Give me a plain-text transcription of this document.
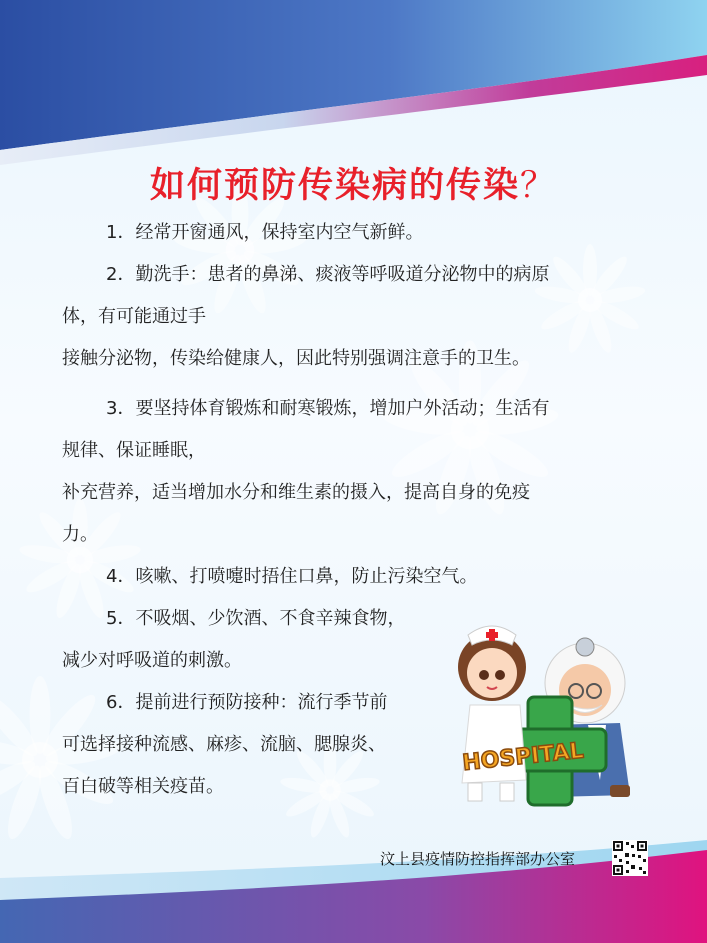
如何预防传染病的传染？

1．经常开窗通风，保持室内空气新鲜。

2．勤洗手：患者的鼻涕、痰液等呼吸道分泌物中的病原

体，有可能通过手

接触分泌物，传染给健康人，因此特别强调注意手的卫生。

3．要坚持体育锻炼和耐寒锻炼，增加户外活动；生活有

规律、保证睡眠，

补充营养，适当增加水分和维生素的摄入，提高自身的免疫

力。

4．咳嗽、打喷嚏时捂住口鼻，防止污染空气。

5．不吸烟、少饮酒、不食辛辣食物，

减少对呼吸道的刺激。

6．提前进行预防接种：流行季节前

可选择接种流感、麻疹、流脑、腮腺炎、

百白破等相关疫苗。

HOSPITAL
汶上县疫情防控指挥部办公室
